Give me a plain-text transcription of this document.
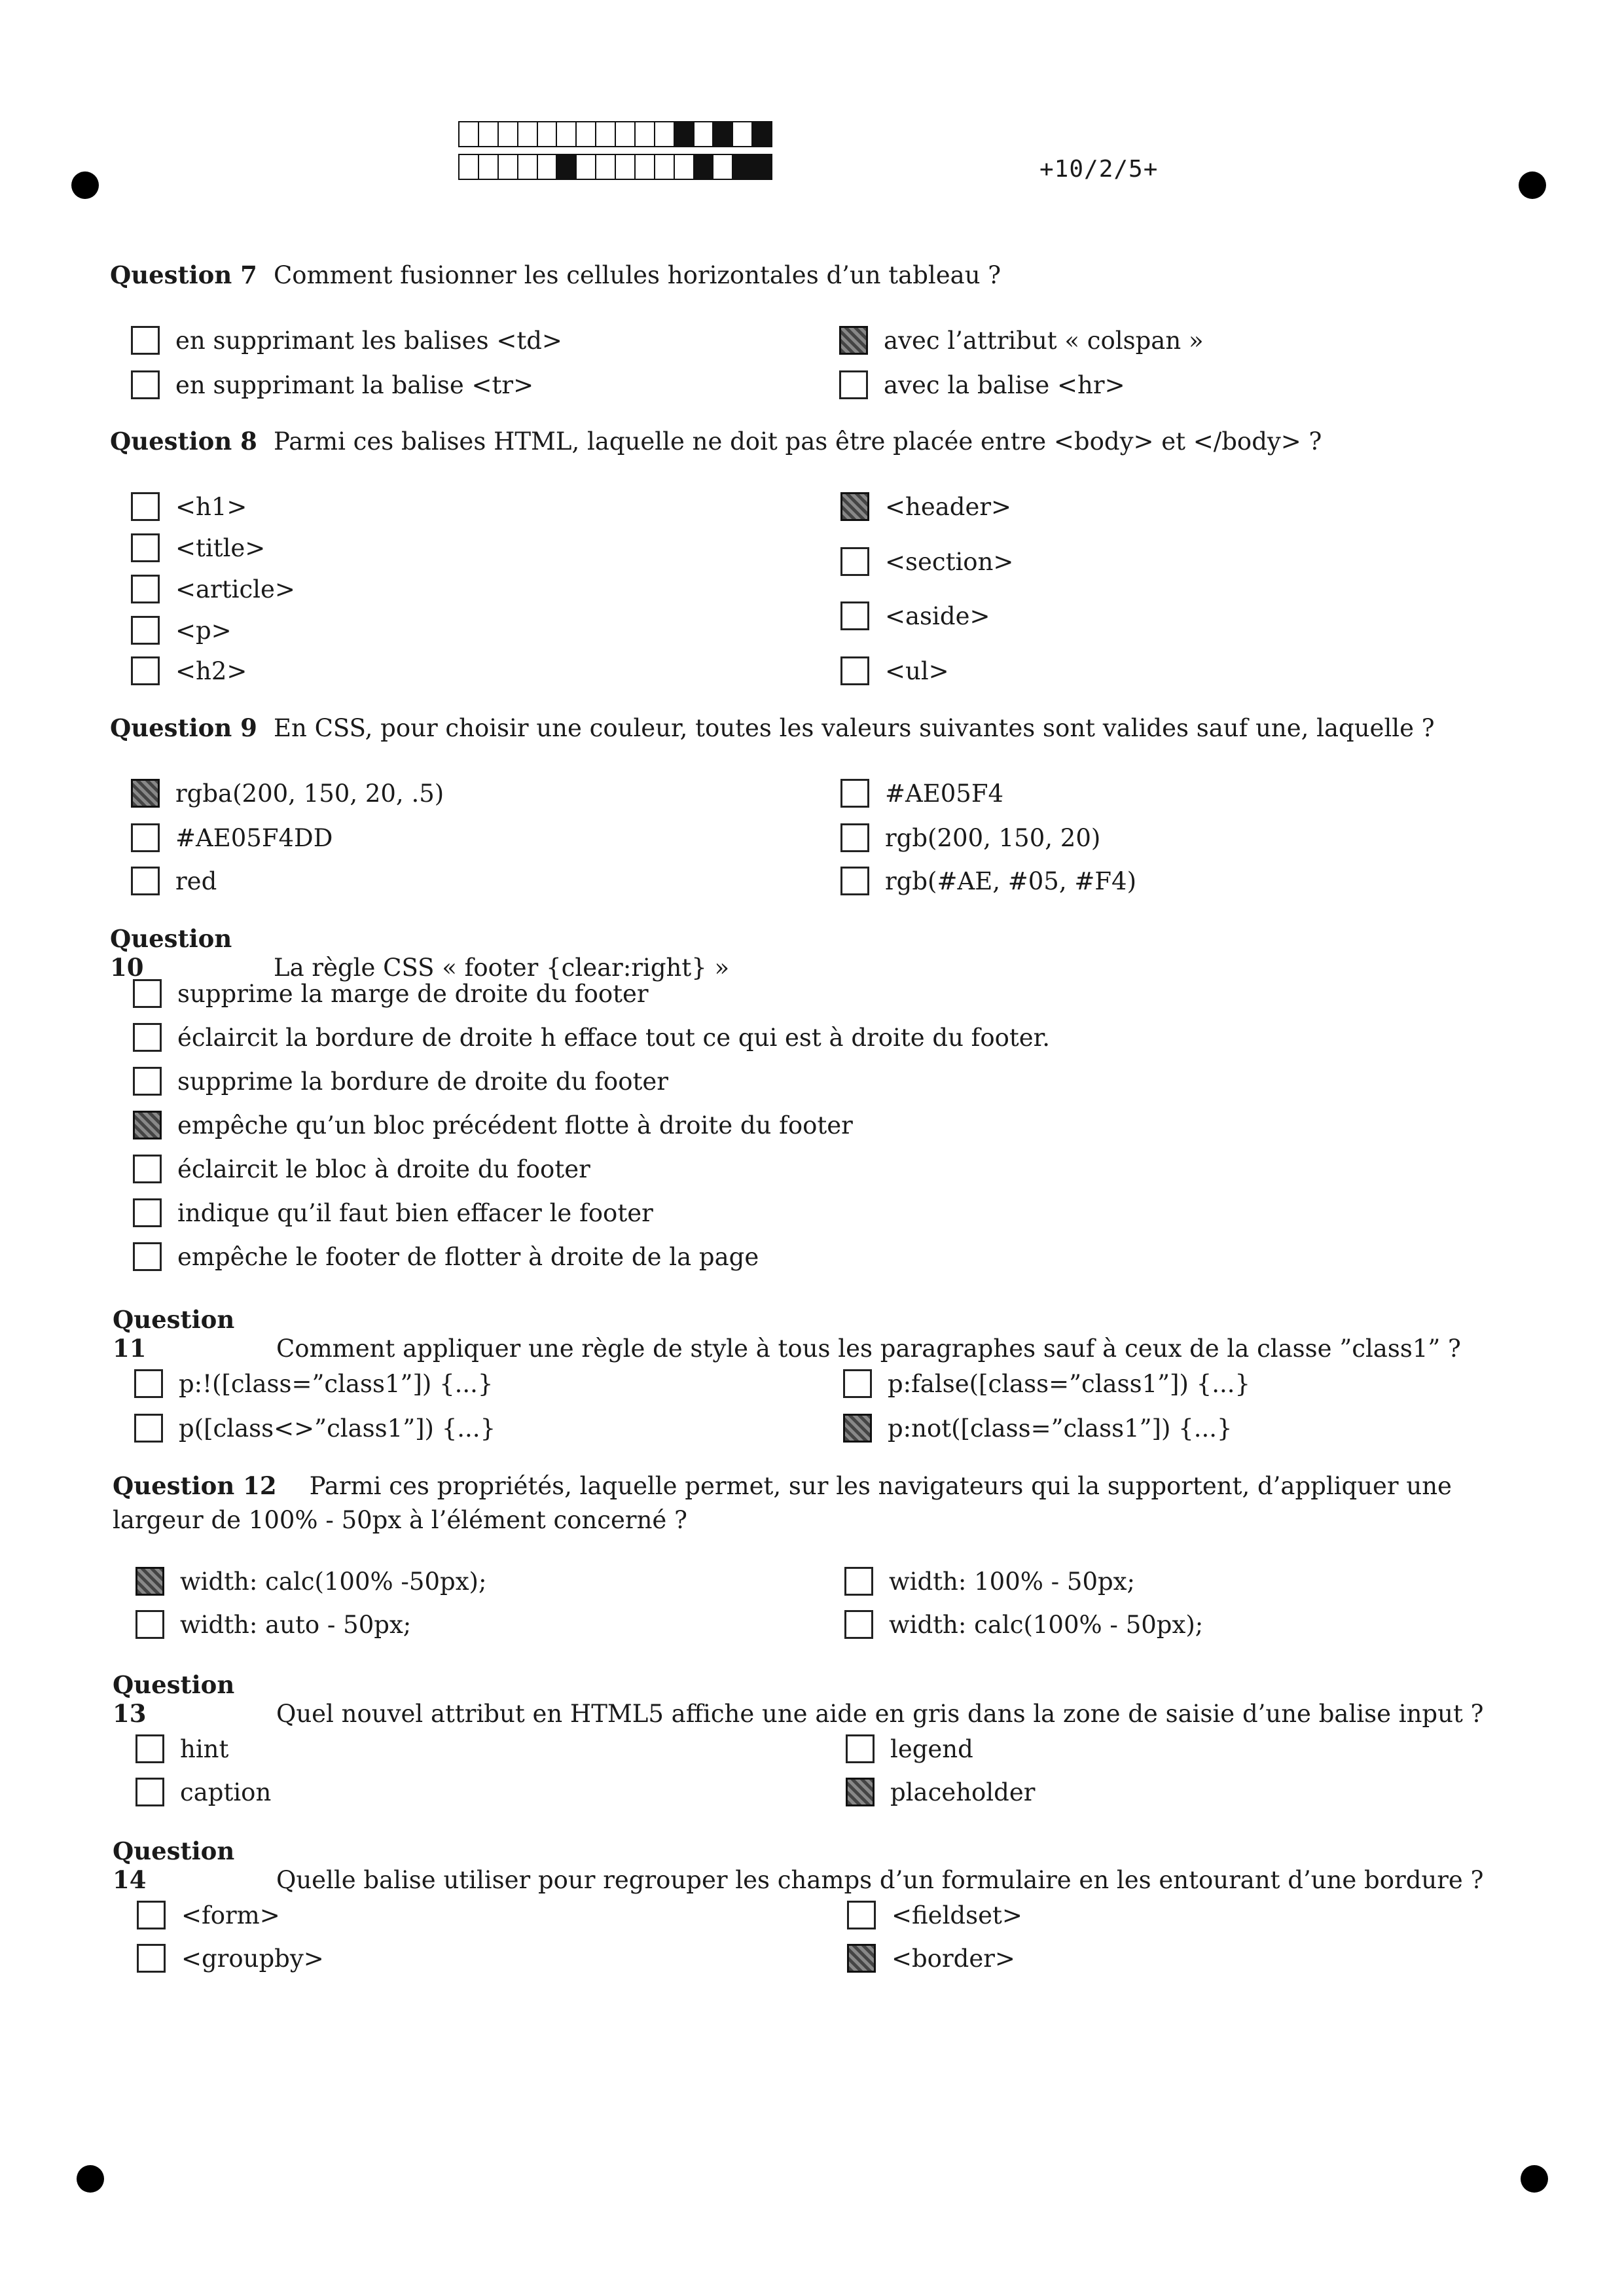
+10/2/5+
Question 7 Comment fusionner les cellules horizontales d’un tableau ?
en supprimant les balises <td>	avec l’attribut « colspan »
en supprimant la balise <tr>	avec la balise <hr>
Question 8 Parmi ces balises HTML, laquelle ne doit pas être placée entre <body> et </body> ?
<h1>
<title>
<article>
<p>
<h2>
<header>
<section>
<aside>
<ul>
Question 9 En CSS, pour choisir une couleur, toutes les valeurs suivantes sont valides sauf une, laquelle ?
rgba(200, 150, 20, .5)	#AE05F4
#AE05F4DD	rgb(200, 150, 20)
red	rgb(#AE, #05, #F4)
Question 10	La règle CSS « footer {clear:right} »
supprime la marge de droite du footer
éclaircit la bordure de droite h efface tout ce qui est à droite du footer.
supprime la bordure de droite du footer
empêche qu’un bloc précédent flotte à droite du footer
éclaircit le bloc à droite du footer
indique qu’il faut bien effacer le footer
empêche le footer de flotter à droite de la page
Question 11	Comment appliquer une règle de style à tous les paragraphes sauf à ceux de la classe ”class1” ?
p:!([class=”class1”]) {...}	p:false([class=”class1”]) {...}
p([class<>”class1”]) {...}	p:not([class=”class1”]) {...}
Question 12 Parmi ces propriétés, laquelle permet, sur les navigateurs qui la supportent, d’appliquer une largeur de 100% - 50px à l’élément concerné ?
width: calc(100% -50px);	width: 100% - 50px;
width: auto - 50px;	width: calc(100% - 50px);
Question 13	Quel nouvel attribut en HTML5 affiche une aide en gris dans la zone de saisie d’une balise input ?
hint	legend
caption	placeholder
Question 14	Quelle balise utiliser pour regrouper les champs d’un formulaire en les entourant d’une bordure ?
<form>	<fieldset>
<groupby>	<border>
